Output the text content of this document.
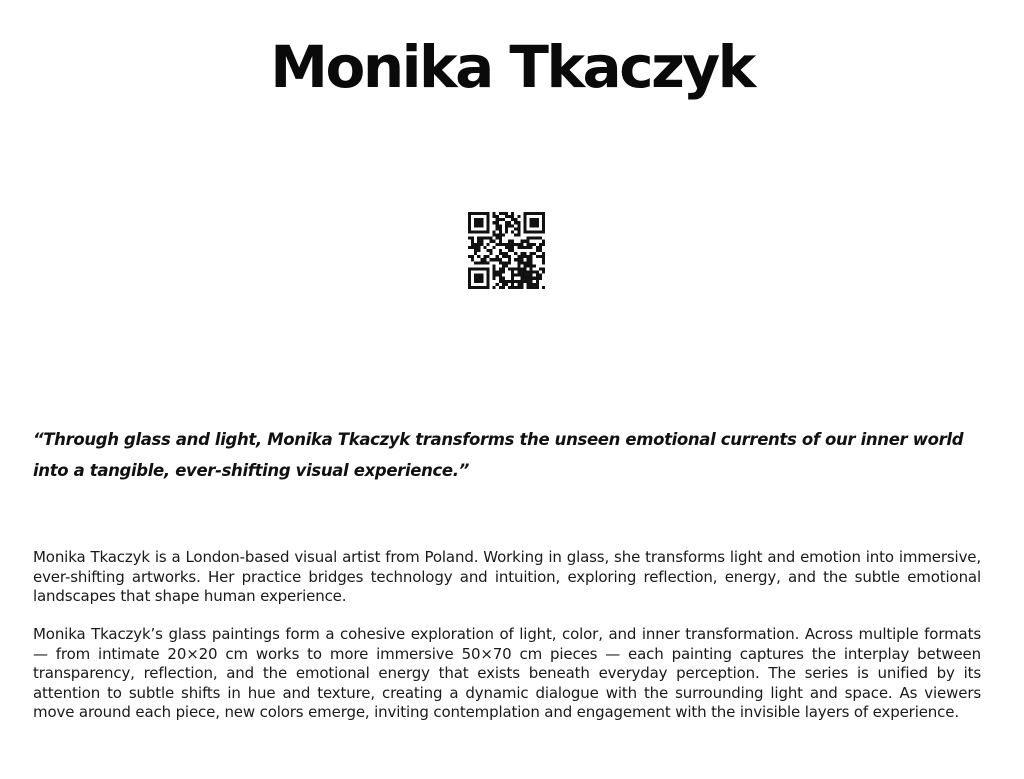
Monika Tkaczyk
“Through glass and light, Monika Tkaczyk transforms the unseen emotional currents of our inner world into a tangible, ever-shifting visual experience.”

Monika Tkaczyk is a London-based visual artist from Poland. Working in glass, she transforms light and emotion into immersive, ever-shifting artworks. Her practice bridges technology and intuition, exploring reflection, energy, and the subtle emotional landscapes that shape human experience.

Monika Tkaczyk’s glass paintings form a cohesive exploration of light, color, and inner transformation. Across multiple formats — from intimate 20×20 cm works to more immersive 50×70 cm pieces — each painting captures the interplay between transparency, reflection, and the emotional energy that exists beneath everyday perception. The series is unified by its attention to subtle shifts in hue and texture, creating a dynamic dialogue with the surrounding light and space. As viewers move around each piece, new colors emerge, inviting contemplation and engagement with the invisible layers of experience.
